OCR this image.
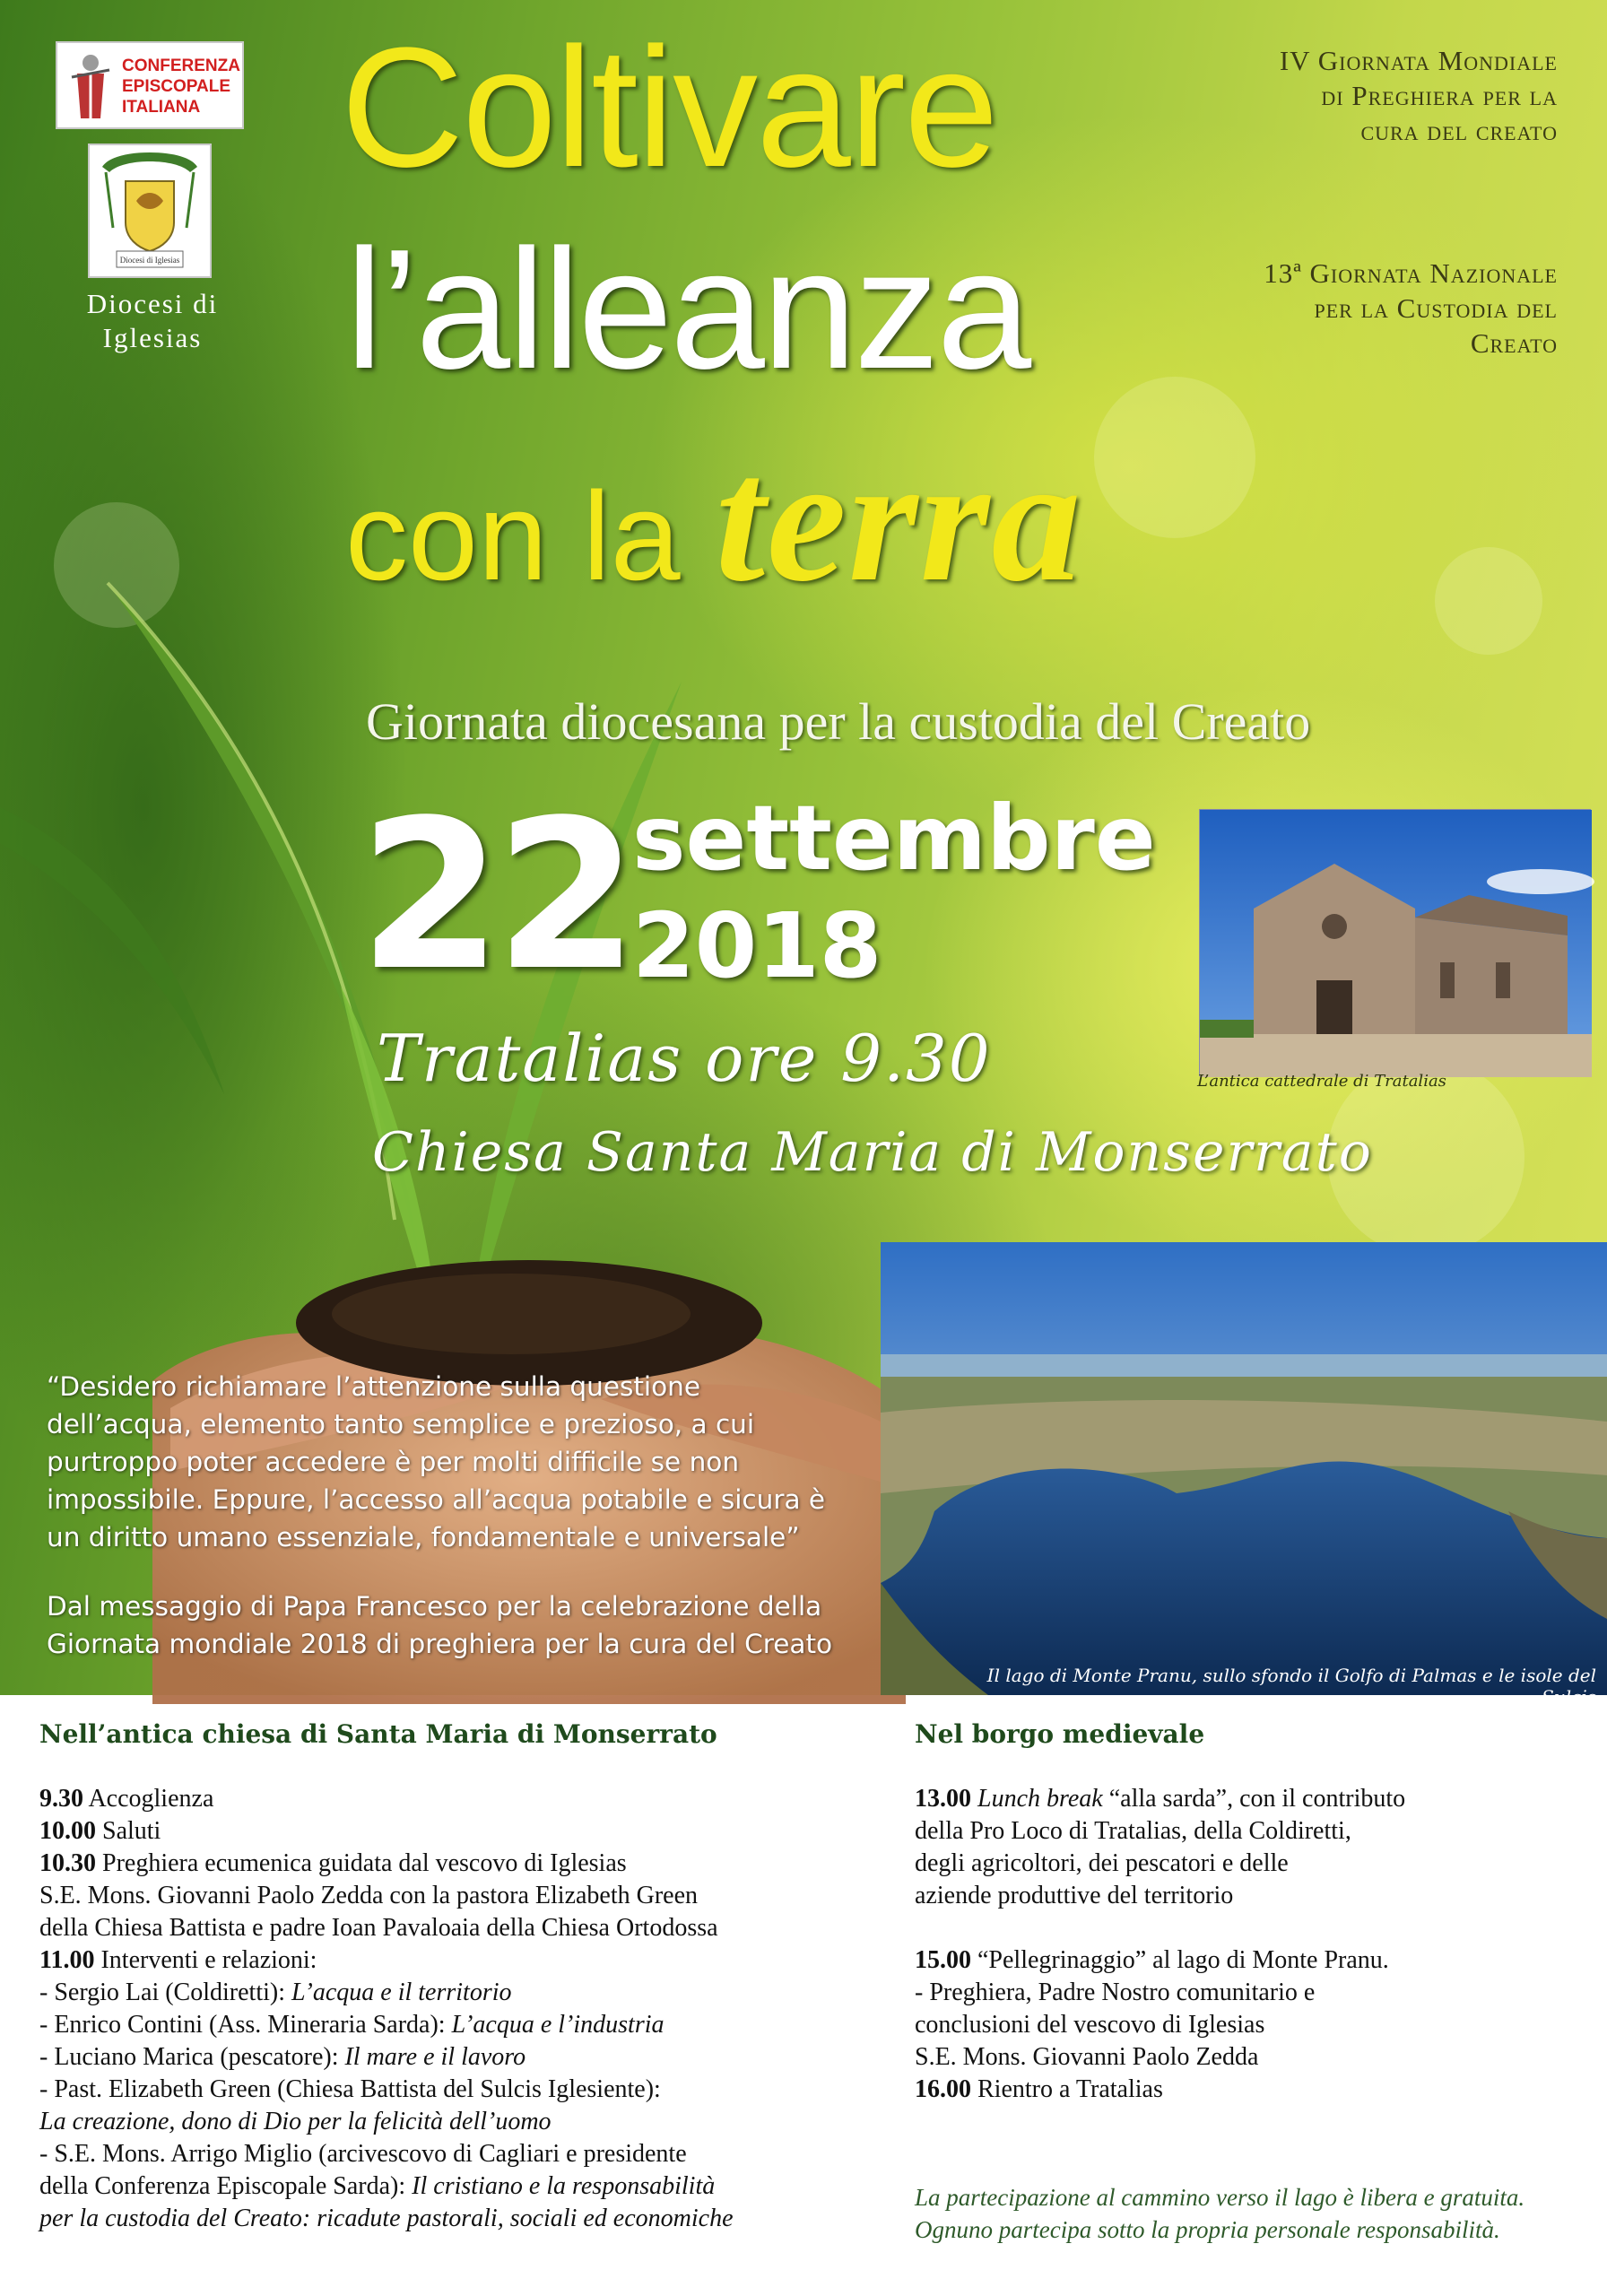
CONFERENZA EPISCOPALE ITALIANA
Diocesi di Iglesias
Diocesi di Iglesias
IV Giornata Mondiale di Preghiera per la cura del creato
13ª Giornata Nazionale per la Custodia del Creato
Coltivare
l’alleanza
con la terra
Giornata diocesana per la custodia del Creato
22 settembre
2018
Tratalias ore 9.30
Chiesa Santa Maria di Monserrato
L’antica cattedrale di Tratalias
Il lago di Monte Pranu, sullo sfondo il Golfo di Palmas e le isole del Sulcis
“Desidero richiamare l’attenzione sulla questione dell’acqua, elemento tanto semplice e prezioso, a cui purtroppo poter accedere è per molti difficile se non impossibile. Eppure, l’accesso all’acqua potabile e sicura è un diritto umano essenziale, fondamentale e universale”
Dal messaggio di Papa Francesco per la celebrazione della Giornata mondiale 2018 di preghiera per la cura del Creato
Nell’antica chiesa di Santa Maria di Monserrato

9.30 Accoglienza

10.00 Saluti

10.30 Preghiera ecumenica guidata dal vescovo di Iglesias

S.E. Mons. Giovanni Paolo Zedda con la pastora Elizabeth Green

della Chiesa Battista e padre Ioan Pavaloaia della Chiesa Ortodossa

11.00 Interventi e relazioni:

- Sergio Lai (Coldiretti): L’acqua e il territorio

- Enrico Contini (Ass. Mineraria Sarda): L’acqua e l’industria

- Luciano Marica (pescatore): Il mare e il lavoro

- Past. Elizabeth Green (Chiesa Battista del Sulcis Iglesiente):

La creazione, dono di Dio per la felicità dell’uomo

- S.E. Mons. Arrigo Miglio (arcivescovo di Cagliari e presidente

della Conferenza Episcopale Sarda): Il cristiano e la responsabilità

per la custodia del Creato: ricadute pastorali, sociali ed economiche

Nel borgo medievale

13.00 Lunch break “alla sarda”, con il contributo

della Pro Loco di Tratalias, della Coldiretti,

degli agricoltori, dei pescatori e delle

aziende produttive del territorio

15.00 “Pellegrinaggio” al lago di Monte Pranu.

- Preghiera, Padre Nostro comunitario e

conclusioni del vescovo di Iglesias

S.E. Mons. Giovanni Paolo Zedda

16.00 Rientro a Tratalias

La partecipazione al cammino verso il lago è libera e gratuita.
Ognuno partecipa sotto la propria personale responsabilità.
